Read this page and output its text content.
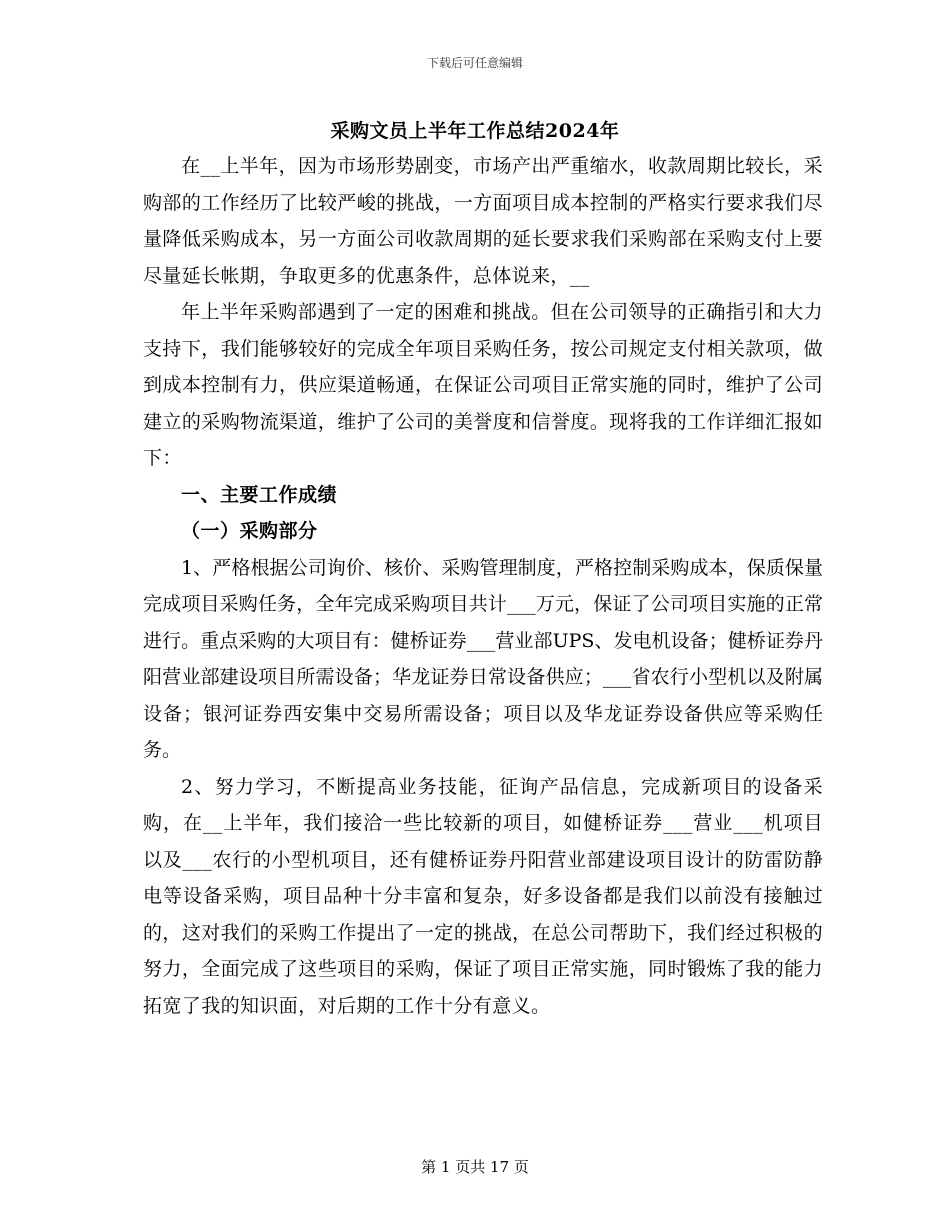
下载后可任意编辑
采购文员上半年工作总结2024年

在__上半年，因为市场形势剧变，市场产出严重缩水，收款周期比较长，采购部的工作经历了比较严峻的挑战，一方面项目成本控制的严格实行要求我们尽量降低采购成本，另一方面公司收款周期的延长要求我们采购部在采购支付上要尽量延长帐期，争取更多的优惠条件，总体说来，__

年上半年采购部遇到了一定的困难和挑战。但在公司领导的正确指引和大力支持下，我们能够较好的完成全年项目采购任务，按公司规定支付相关款项，做到成本控制有力，供应渠道畅通，在保证公司项目正常实施的同时，维护了公司建立的采购物流渠道，维护了公司的美誉度和信誉度。现将我的工作详细汇报如下：

一、主要工作成绩

（一）采购部分

1、严格根据公司询价、核价、采购管理制度，严格控制采购成本，保质保量完成项目采购任务，全年完成采购项目共计___万元，保证了公司项目实施的正常进行。重点采购的大项目有：健桥证券___营业部UPS、发电机设备；健桥证券丹阳营业部建设项目所需设备；华龙证券日常设备供应；___省农行小型机以及附属设备；银河证券西安集中交易所需设备；项目以及华龙证券设备供应等采购任务。

2、努力学习，不断提高业务技能，征询产品信息，完成新项目的设备采购，在__上半年，我们接洽一些比较新的项目，如健桥证券___营业___机项目以及___农行的小型机项目，还有健桥证券丹阳营业部建设项目设计的防雷防静电等设备采购，项目品种十分丰富和复杂，好多设备都是我们以前没有接触过的，这对我们的采购工作提出了一定的挑战，在总公司帮助下，我们经过积极的努力，全面完成了这些项目的采购，保证了项目正常实施，同时锻炼了我的能力拓宽了我的知识面，对后期的工作十分有意义。

第 1 页共 17 页
